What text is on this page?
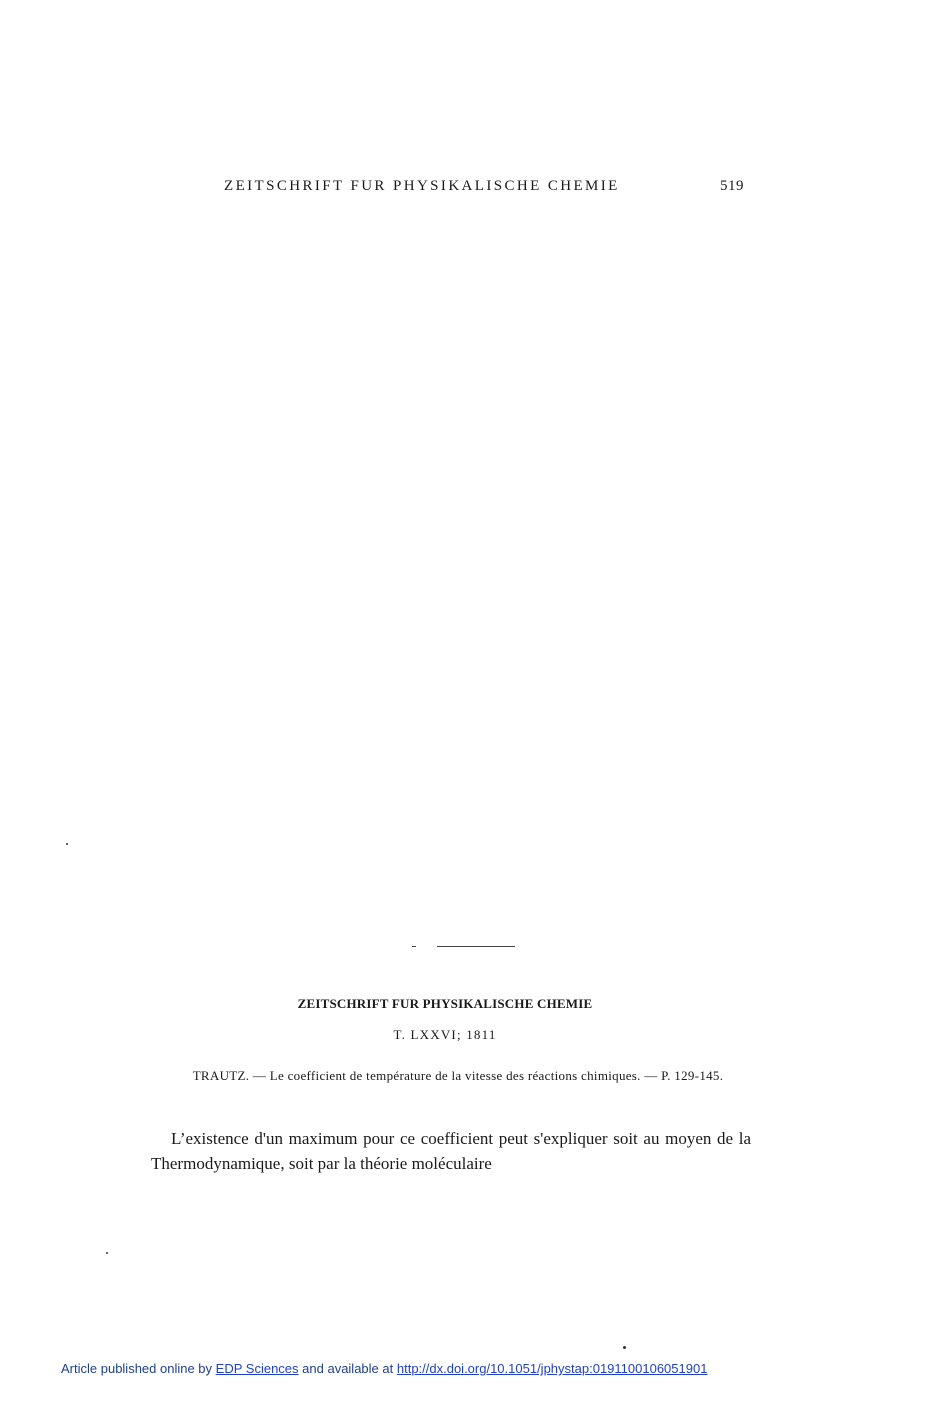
ZEITSCHRIFT FUR PHYSIKALISCHE CHEMIE	519
ZEITSCHRIFT FUR PHYSIKALISCHE CHEMIE
T. LXXVI; 1811
TRAUTZ. — Le coefficient de température de la vitesse des réactions chimiques. — P. 129-145.
L’existence d'un maximum pour ce coefficient peut s'expliquer soit au moyen de la Thermodynamique, soit par la théorie moléculaire
Article published online by EDP Sciences and available at http://dx.doi.org/10.1051/jphystap:0191100106051901
